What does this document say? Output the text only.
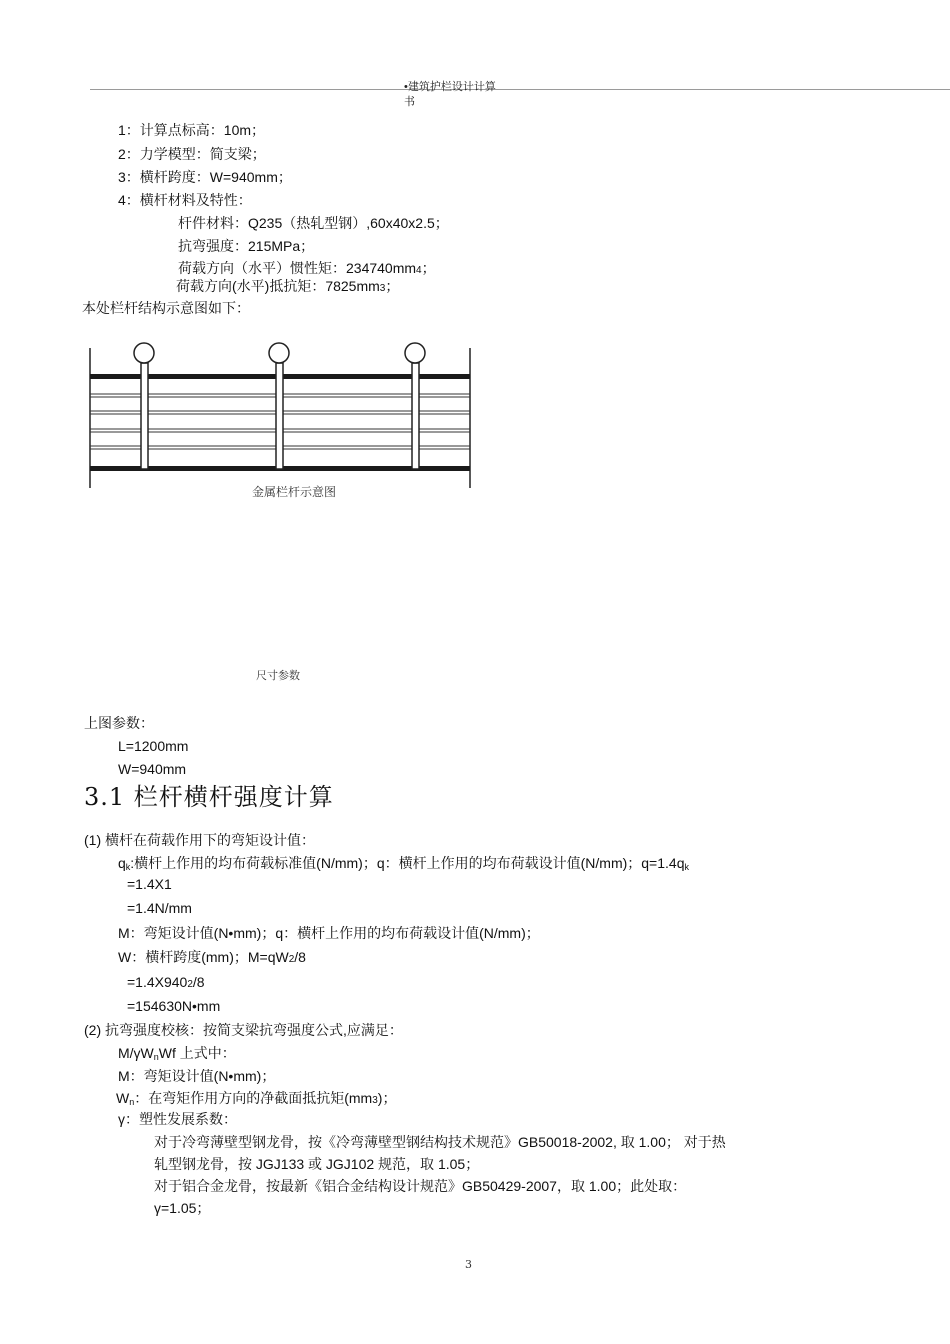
•建筑护栏设计计算
书
1：计算点标高：10m；
2：力学模型：简支梁；
3：横杆跨度：W=940mm；
4：横杆材料及特性：
杆件材料：Q235（热轧型钢）,60x40x2.5；
抗弯强度：215MPa；
荷载方向（水平）惯性矩：234740mm4；
荷载方向(水平)抵抗矩：7825mm3；
本处栏杆结构示意图如下：
金属栏杆示意图
尺寸参数
上图参数：
L=1200mm
W=940mm
3.1 栏杆横杆强度计算
(1) 横杆在荷载作用下的弯矩设计值：
$q_k$:横杆上作用的均布荷载标准值(N/mm)；q：横杆上作用的均布荷载设计值(N/mm)；$q=1.4q_k$
=1.4X1
=1.4N/mm
M：弯矩设计值(N•mm)；q：横杆上作用的均布荷载设计值(N/mm)；
W：横杆跨度(mm)；M=qW2/8
=1.4X9402/8
=154630N•mm
(2) 抗弯强度校核：按简支梁抗弯强度公式,应满足：
$M/\gamma W_nWf$ 上式中：
M：弯矩设计值(N•mm)；
$W_n$：在弯矩作用方向的净截面抵抗矩(mm3)；
γ：塑性发展系数：
对于冷弯薄壁型钢龙骨，按《冷弯薄壁型钢结构技术规范》GB50018-2002, 取 1.00； 对于热
轧型钢龙骨，按 JGJ133 或 JGJ102 规范，取 1.05；
对于铝合金龙骨，按最新《铝合金结构设计规范》GB50429-2007，取 1.00；此处取：
γ=1.05；
3
